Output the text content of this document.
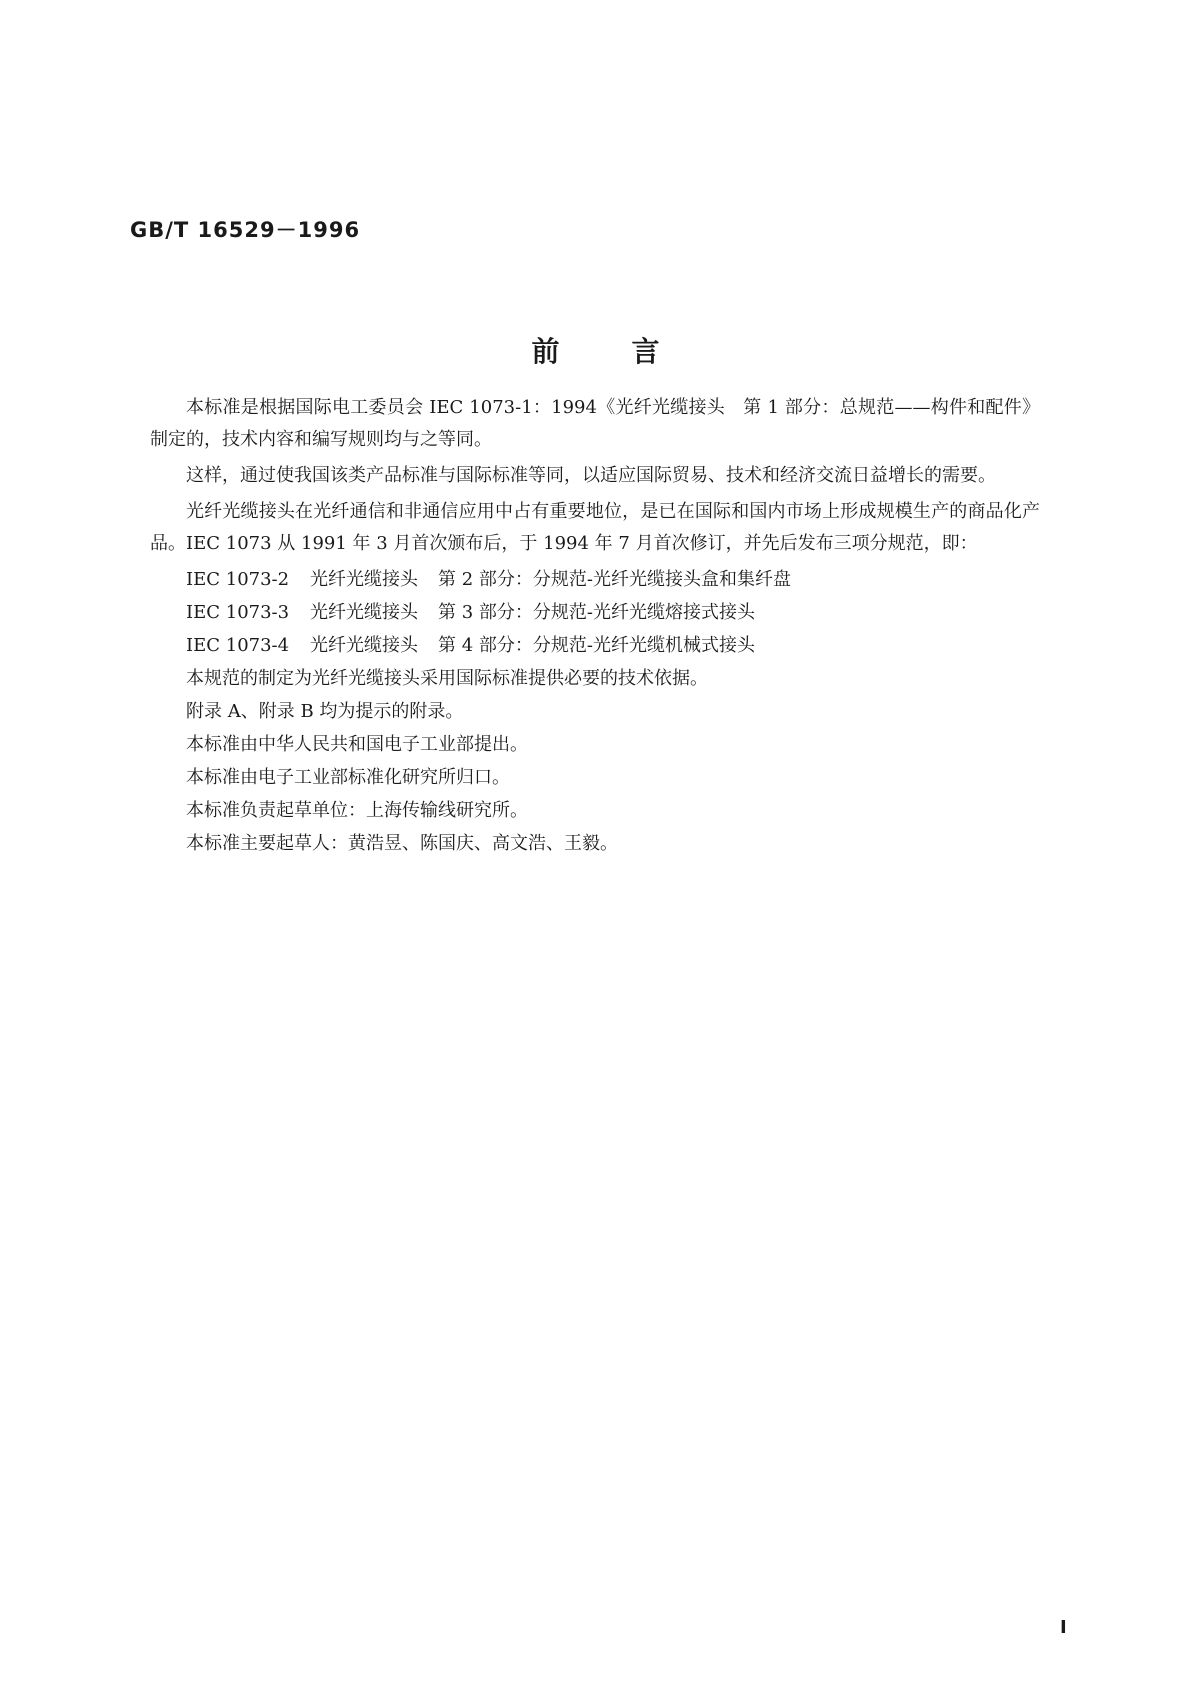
GB/T 16529－1996
前言

本标准是根据国际电工委员会 IEC 1073-1：1994《光纤光缆接头　第 1 部分：总规范——构件和配件》制定的，技术内容和编写规则均与之等同。

这样，通过使我国该类产品标准与国际标准等同，以适应国际贸易、技术和经济交流日益增长的需要。

光纤光缆接头在光纤通信和非通信应用中占有重要地位，是已在国际和国内市场上形成规模生产的商品化产品。IEC 1073 从 1991 年 3 月首次颁布后，于 1994 年 7 月首次修订，并先后发布三项分规范，即：

IEC 1073-2	光纤光缆接头	第 2 部分：分规范-光纤光缆接头盒和集纤盘
IEC 1073-3	光纤光缆接头	第 3 部分：分规范-光纤光缆熔接式接头
IEC 1073-4	光纤光缆接头	第 4 部分：分规范-光纤光缆机械式接头
本规范的制定为光纤光缆接头采用国际标准提供必要的技术依据。
附录 A、附录 B 均为提示的附录。
本标准由中华人民共和国电子工业部提出。
本标准由电子工业部标准化研究所归口。
本标准负责起草单位：上海传输线研究所。
本标准主要起草人：黄浩昱、陈国庆、高文浩、王毅。
I
